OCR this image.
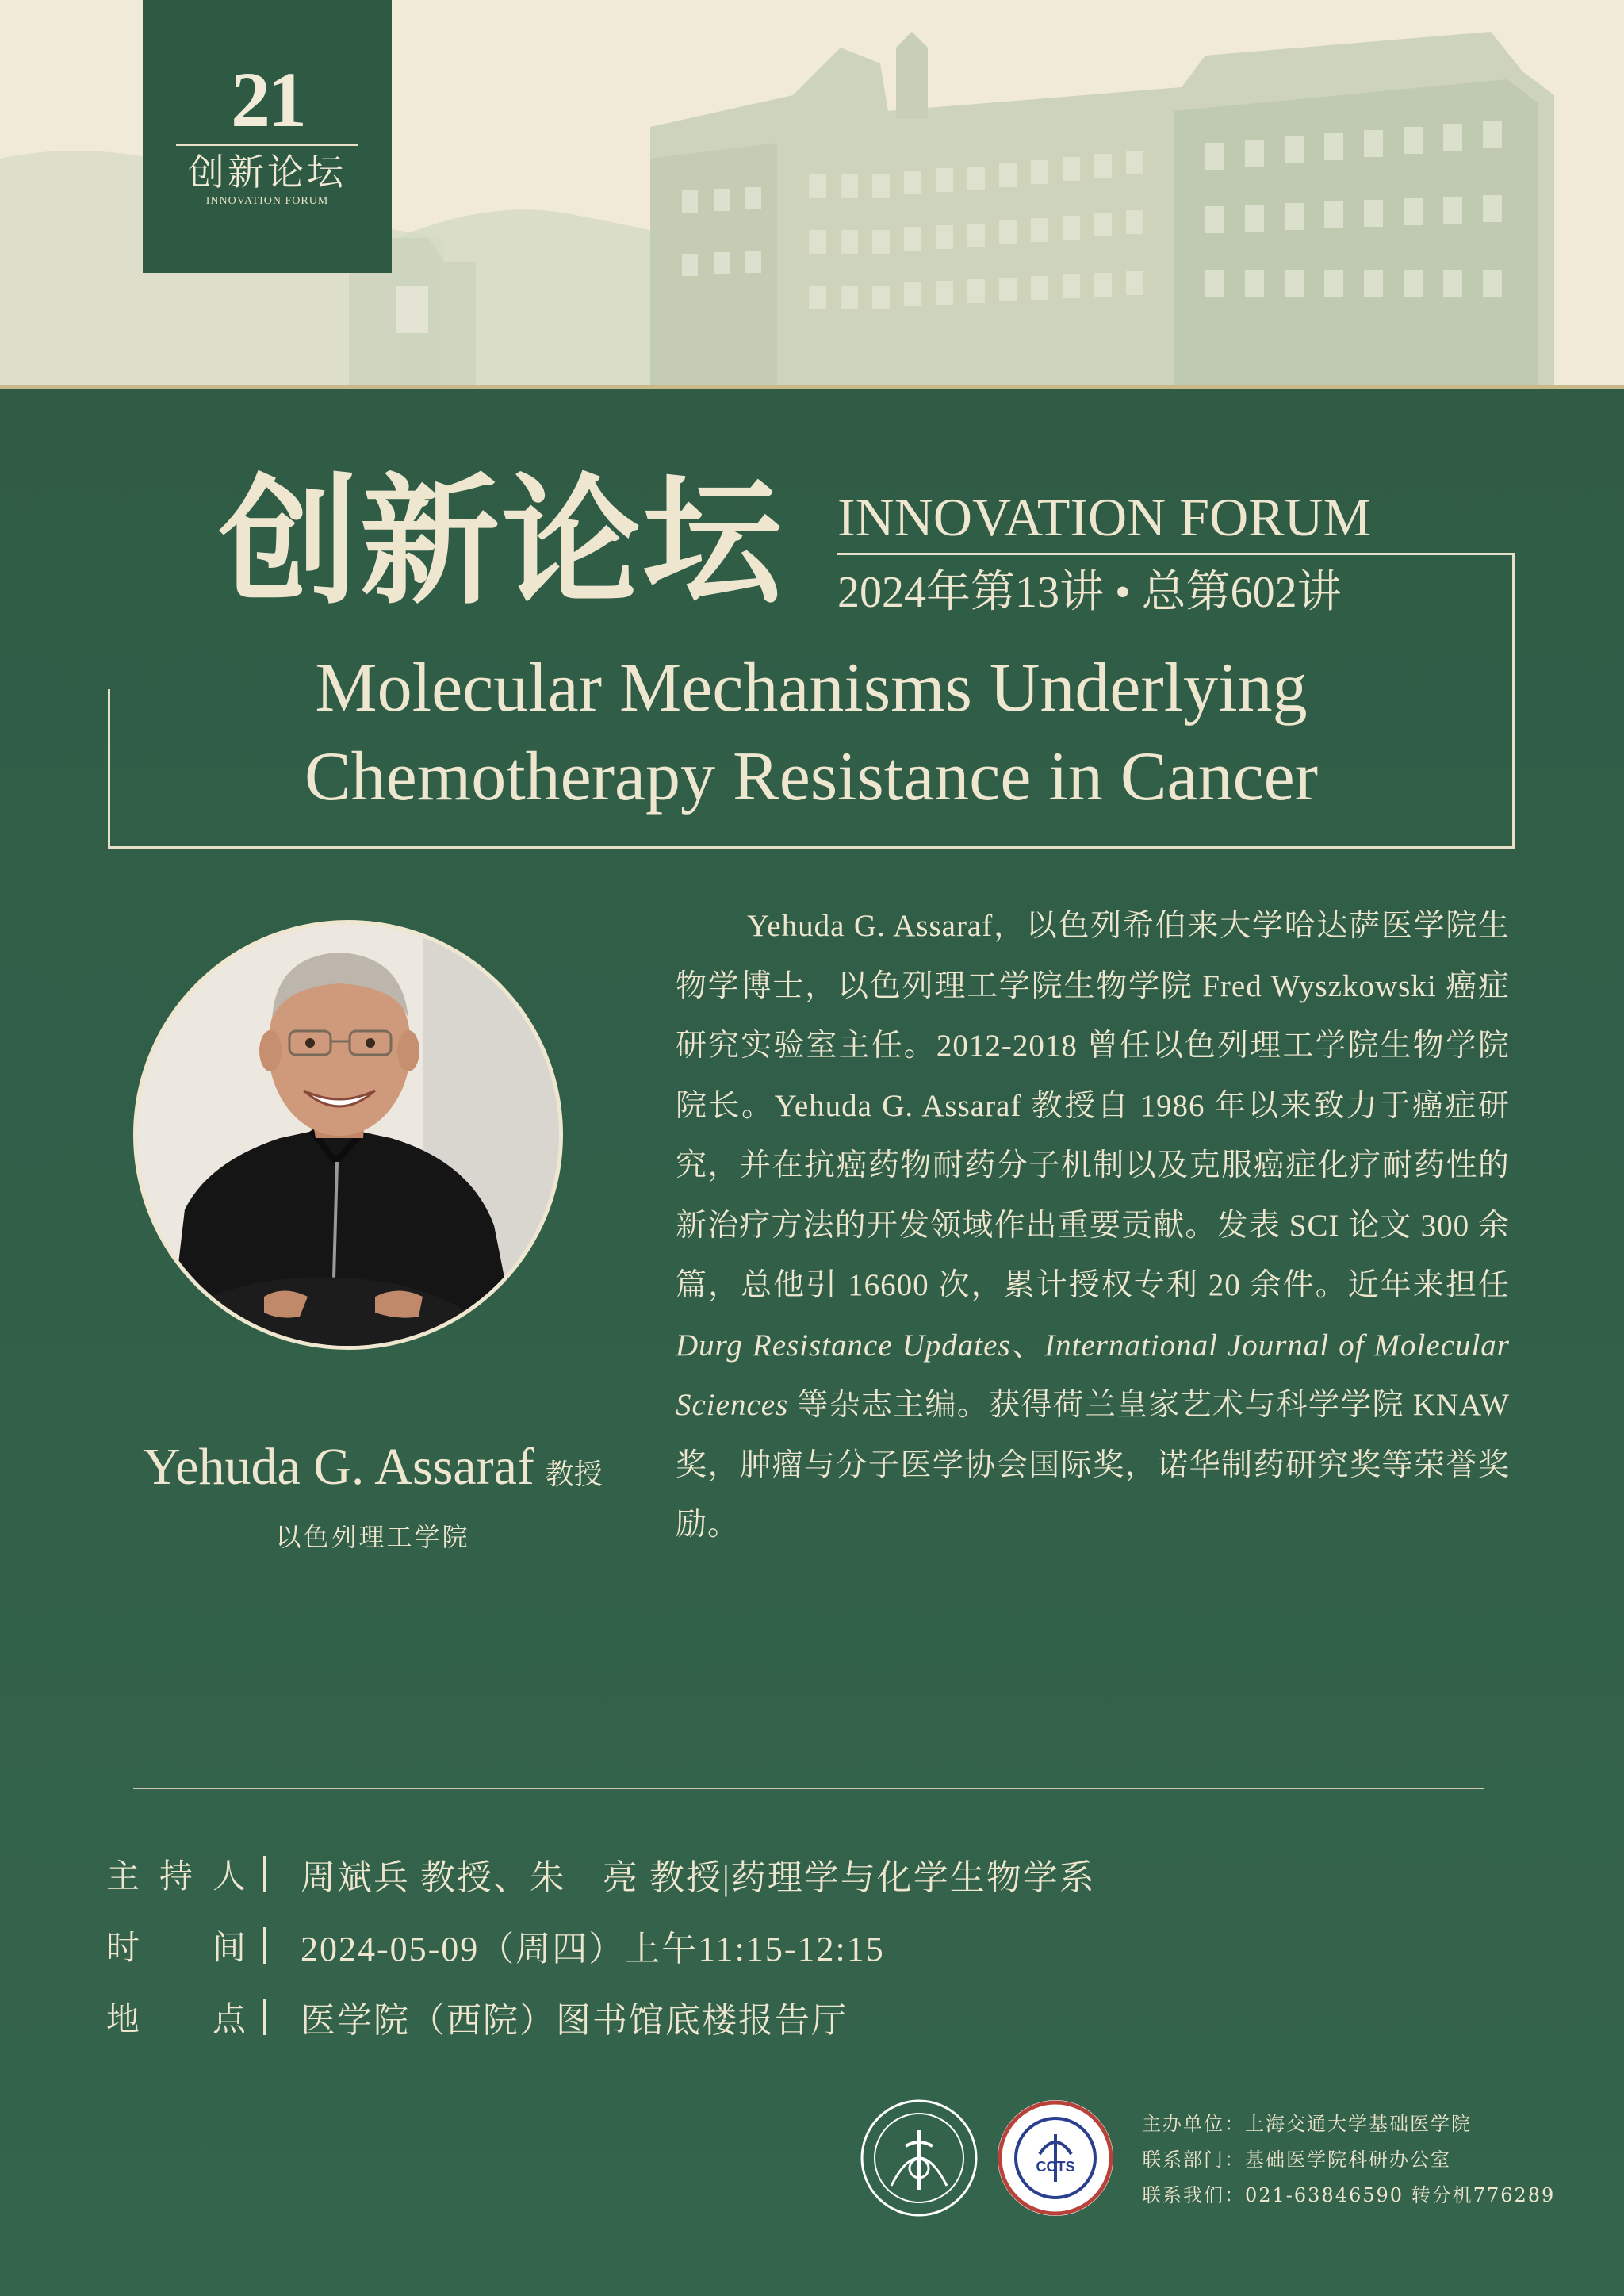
21
创新论坛
INNOVATION FORUM
创新论坛 INNOVATION FORUM
2024年第13讲 • 总第602讲
Molecular Mechanisms Underlying
Chemotherapy Resistance in Cancer
Yehuda G. Assaraf 教授
以色列理工学院

Yehuda G. Assaraf，以色列希伯来大学哈达萨医学院生物学博士，以色列理工学院生物学院 Fred Wyszkowski 癌症研究实验室主任。2012-2018 曾任以色列理工学院生物学院院长。Yehuda G. Assaraf 教授自 1986 年以来致力于癌症研究，并在抗癌药物耐药分子机制以及克服癌症化疗耐药性的新治疗方法的开发领域作出重要贡献。发表 SCI 论文 300 余篇，总他引 16600 次，累计授权专利 20 余件。近年来担任 Durg Resistance Updates、International Journal of Molecular Sciences 等杂志主编。获得荷兰皇家艺术与科学学院 KNAW 奖，肿瘤与分子医学协会国际奖，诺华制药研究奖等荣誉奖励。

主 持 人 周斌兵 教授、朱　亮 教授|药理学与化学生物学系
时 间 2024-05-09（周四）上午11:15-12:15
地 点 医学院（西院）图书馆底楼报告厅
CCTS
主办单位：上海交通大学基础医学院
联系部门：基础医学院科研办公室
联系我们：021-63846590 转分机776289
